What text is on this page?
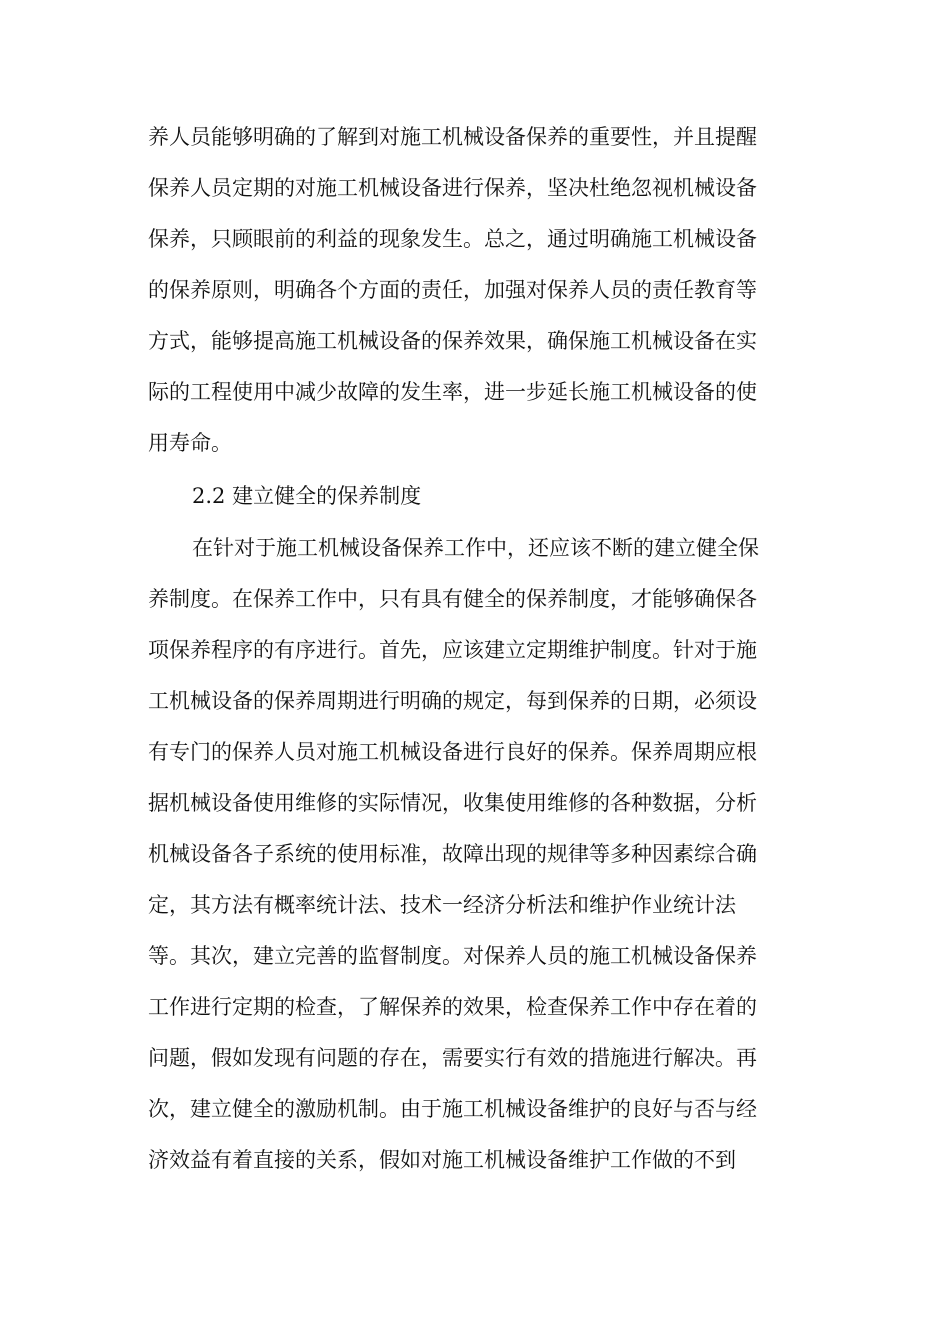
养人员能够明确的了解到对施工机械设备保养的重要性，并且提醒
保养人员定期的对施工机械设备进行保养，坚决杜绝忽视机械设备
保养，只顾眼前的利益的现象发生。总之，通过明确施工机械设备
的保养原则，明确各个方面的责任，加强对保养人员的责任教育等
方式，能够提高施工机械设备的保养效果，确保施工机械设备在实
际的工程使用中减少故障的发生率，进一步延长施工机械设备的使
用寿命。
2.2 建立健全的保养制度
在针对于施工机械设备保养工作中，还应该不断的建立健全保
养制度。在保养工作中，只有具有健全的保养制度，才能够确保各
项保养程序的有序进行。首先，应该建立定期维护制度。针对于施
工机械设备的保养周期进行明确的规定，每到保养的日期，必须设
有专门的保养人员对施工机械设备进行良好的保养。保养周期应根
据机械设备使用维修的实际情况，收集使用维修的各种数据，分析
机械设备各子系统的使用标准，故障出现的规律等多种因素综合确
定，其方法有概率统计法、技术一经济分析法和维护作业统计法
等。其次，建立完善的监督制度。对保养人员的施工机械设备保养
工作进行定期的检查，了解保养的效果，检查保养工作中存在着的
问题，假如发现有问题的存在，需要实行有效的措施进行解决。再
次，建立健全的激励机制。由于施工机械设备维护的良好与否与经
济效益有着直接的关系，假如对施工机械设备维护工作做的不到
